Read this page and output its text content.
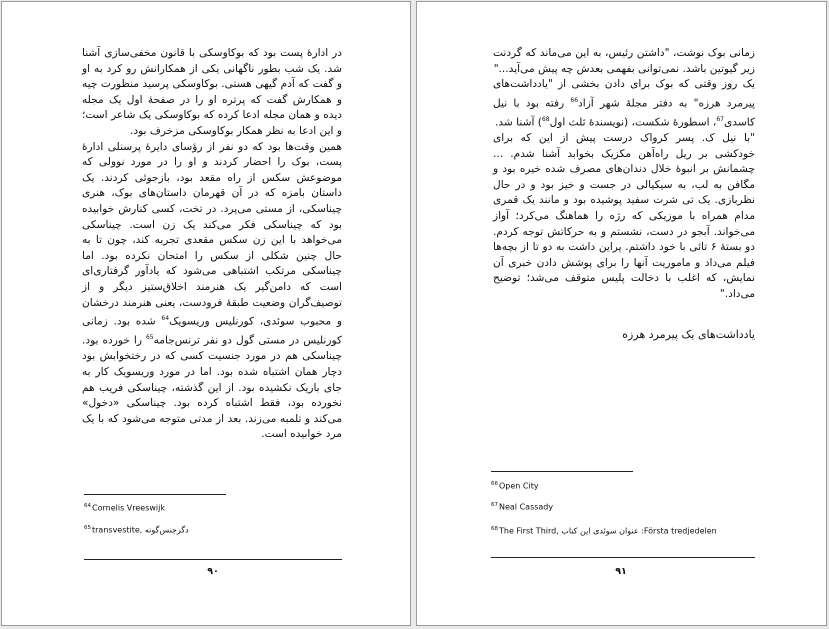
در ادارهٔ پست بود که بوکاوسکی با قانون مخفی‌سازی آشنا شد. یک شب بطور ناگهانی یکی از همکارانش رو کرد به او و گفت که آدم گیهی هستی. بوکاوسکی پرسید منظورت چیه و همکارش گفت که پرتره او را در صفحهٔ اول یک مجله دیده و همان مجله ادعا کرده که بوکاوسکی یک شاعر است؛ و این ادعا به نظر همکار بوکاوسکی مزخرف بود.

همین وقت‌ها بود که دو نفر از رؤسای دایرهٔ پرسنلی ادارهٔ پست، بوک را احضار کردند و او را در مورد نوولی که موضوعش سکس از راه مقعد بود، بازجوئی کردند. یک داستان بامزه که در آن قهرمان داستان‌های بوک، هنری چیناسکی، از مستی می‌پرد. در تخت، کسی کنارش خوابیده بود که چیناسکی فکر می‌کند یک زن است. چیناسکی می‌خواهد با این زن سکس مقعدی تجربه کند، چون تا به حال چنین شکلی از سکس را امتحان نکرده بود. اما چیناسکی مرتکب اشتباهی می‌شود که یادآور گرفتاری‌ای است که دامن‌گیر یک هنرمند اخلاق‌ستیز دیگر و از توصیف‌گران وضعیت طبقهٔ فرودست، یعنی هنرمند درخشان و محبوب سوئدی، کورنلیس وریسویک$^{64}$ شده بود. زمانی کورنلیس در مستی گول دو نفر ترنس‌جامه$^{65}$ را خورده بود. چیناسکی هم در مورد جنسیت کسی که در رختخوابش بود دچار همان اشتباه شده بود. اما در مورد وریسویک کار به جای باریک نکشیده بود. از این گذشته، چیناسکی فریب هم نخورده بود، فقط اشتباه کرده بود. چیناسکی «دخول» می‌کند و تلمبه می‌زند. بعد از مدتی متوجه می‌شود که با یک مرد خوابیده است.

$^{64}$Cornelis Vreeswijk
$^{65}$transvestite, دگرجنس‌گونه
۹۰

زمانی بوک نوشت، "داشتن رئیس، به این می‌ماند که گردنت زیر گیوتین باشد. نمی‌توانی بفهمی بعدش چه پیش می‌آید..."

یک روز وقتی که بوک برای دادن بخشی از "یادداشت‌های پیرمرد هرزه" به دفتر مجلهٔ شهر آزاد$^{66}$ رفته بود با نیل کاسدی$^{67}$، اسطورهٔ شکست، (نویسندهٔ ثلث اول$^{68}$) آشنا شد.

"با نیل ک. پسر کرواک درست پیش از این که برای خودکشی بر ریل راه‌آهن مکزیک بخوابد آشنا شدم. ... چشمانش بر انبوهٔ خلال دندان‌های مصرف شده خیره بود و مگافن به لب، به سیکیالی در جست و خیز بود و در حال نظربازی. یک تی شرت سفید پوشیده بود و مانند یک قمری مدام همراه با موزیکی که رژه را هماهنگ می‌کرد؛ آواز می‌خواند. آبجو در دست، نشستم و به حرکاتش توجه کردم. دو بستهٔ ۶ تائی با خود داشتم. پراین داشت به دو تا از بچه‌ها فیلم می‌داد و ماموریت آنها را برای پوشش دادن خبری آن نمایش، که اغلب با دخالت پلیس متوقف می‌شد؛ توضیح می‌داد."

یادداشت‌های یک پیرمرد هرزه
$^{66}$Open City
$^{67}$Neal Cassady
$^{68}$The First Third, عنوان سوئدی این کتاب :Första tredjedelen
۹۱
